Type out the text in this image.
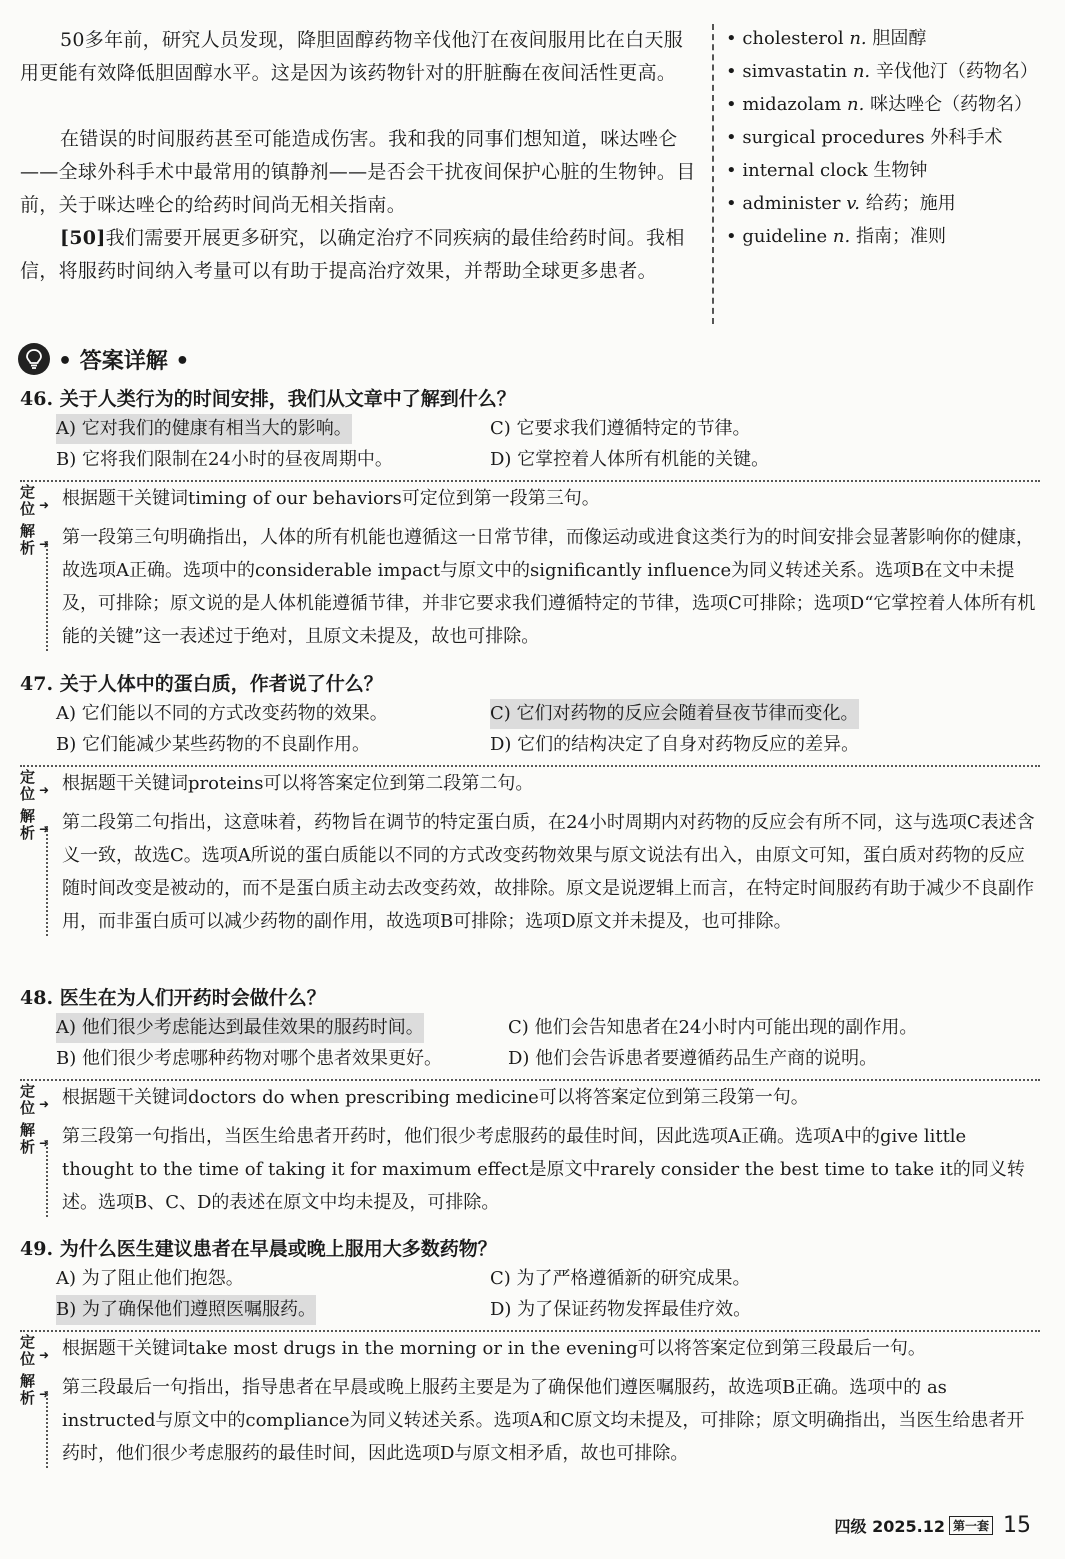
50多年前，研究人员发现，降胆固醇药物辛伐他汀在夜间服用比在白天服用更能有效降低胆固醇水平。这是因为该药物针对的肝脏酶在夜间活性更高。

在错误的时间服药甚至可能造成伤害。我和我的同事们想知道，咪达唑仑——全球外科手术中最常用的镇静剂——是否会干扰夜间保护心脏的生物钟。目前，关于咪达唑仑的给药时间尚无相关指南。

[50]我们需要开展更多研究，以确定治疗不同疾病的最佳给药时间。我相信，将服药时间纳入考量可以有助于提高治疗效果，并帮助全球更多患者。

• cholesterol n. 胆固醇
• simvastatin n. 辛伐他汀（药物名）
• midazolam n. 咪达唑仑（药物名）
• surgical procedures 外科手术
• internal clock 生物钟
• administer v. 给药；施用
• guideline n. 指南；准则
• 答案详解 •
46. 关于人类行为的时间安排，我们从文章中了解到什么？
A) 它对我们的健康有相当大的影响。	C) 它要求我们遵循特定的节律。
B) 它将我们限制在24小时的昼夜周期中。	D) 它掌控着人体所有机能的关键。
定位 ➜ 根据题干关键词timing of our behaviors可定位到第一段第三句。

解析 ➜ 第一段第三句明确指出，人体的所有机能也遵循这一日常节律，而像运动或进食这类行为的时间安排会显著影响你的健康，故选项A正确。选项中的considerable impact与原文中的significantly influence为同义转述关系。选项B在文中未提及，可排除；原文说的是人体机能遵循节律，并非它要求我们遵循特定的节律，选项C可排除；选项D“它掌控着人体所有机能的关键”这一表述过于绝对，且原文未提及，故也可排除。

47. 关于人体中的蛋白质，作者说了什么？
A) 它们能以不同的方式改变药物的效果。	C) 它们对药物的反应会随着昼夜节律而变化。
B) 它们能减少某些药物的不良副作用。	D) 它们的结构决定了自身对药物反应的差异。
定位 ➜ 根据题干关键词proteins可以将答案定位到第二段第二句。

解析 ➜ 第二段第二句指出，这意味着，药物旨在调节的特定蛋白质，在24小时周期内对药物的反应会有所不同，这与选项C表述含义一致，故选C。选项A所说的蛋白质能以不同的方式改变药物效果与原文说法有出入，由原文可知，蛋白质对药物的反应随时间改变是被动的，而不是蛋白质主动去改变药效，故排除。原文是说逻辑上而言，在特定时间服药有助于减少不良副作用，而非蛋白质可以减少药物的副作用，故选项B可排除；选项D原文并未提及，也可排除。

48. 医生在为人们开药时会做什么？
A) 他们很少考虑能达到最佳效果的服药时间。	C) 他们会告知患者在24小时内可能出现的副作用。
B) 他们很少考虑哪种药物对哪个患者效果更好。	D) 他们会告诉患者要遵循药品生产商的说明。
定位 ➜ 根据题干关键词doctors do when prescribing medicine可以将答案定位到第三段第一句。

解析 ➜ 第三段第一句指出，当医生给患者开药时，他们很少考虑服药的最佳时间，因此选项A正确。选项A中的give little thought to the time of taking it for maximum effect是原文中rarely consider the best time to take it的同义转述。选项B、C、D的表述在原文中均未提及，可排除。

49. 为什么医生建议患者在早晨或晚上服用大多数药物？
A) 为了阻止他们抱怨。	C) 为了严格遵循新的研究成果。
B) 为了确保他们遵照医嘱服药。	D) 为了保证药物发挥最佳疗效。
定位 ➜ 根据题干关键词take most drugs in the morning or in the evening可以将答案定位到第三段最后一句。

解析 ➜ 第三段最后一句指出，指导患者在早晨或晚上服药主要是为了确保他们遵医嘱服药，故选项B正确。选项中的 as instructed与原文中的compliance为同义转述关系。选项A和C原文均未提及，可排除；原文明确指出，当医生给患者开药时，他们很少考虑服药的最佳时间，因此选项D与原文相矛盾，故也可排除。

四级 2025.12 第一套 15
